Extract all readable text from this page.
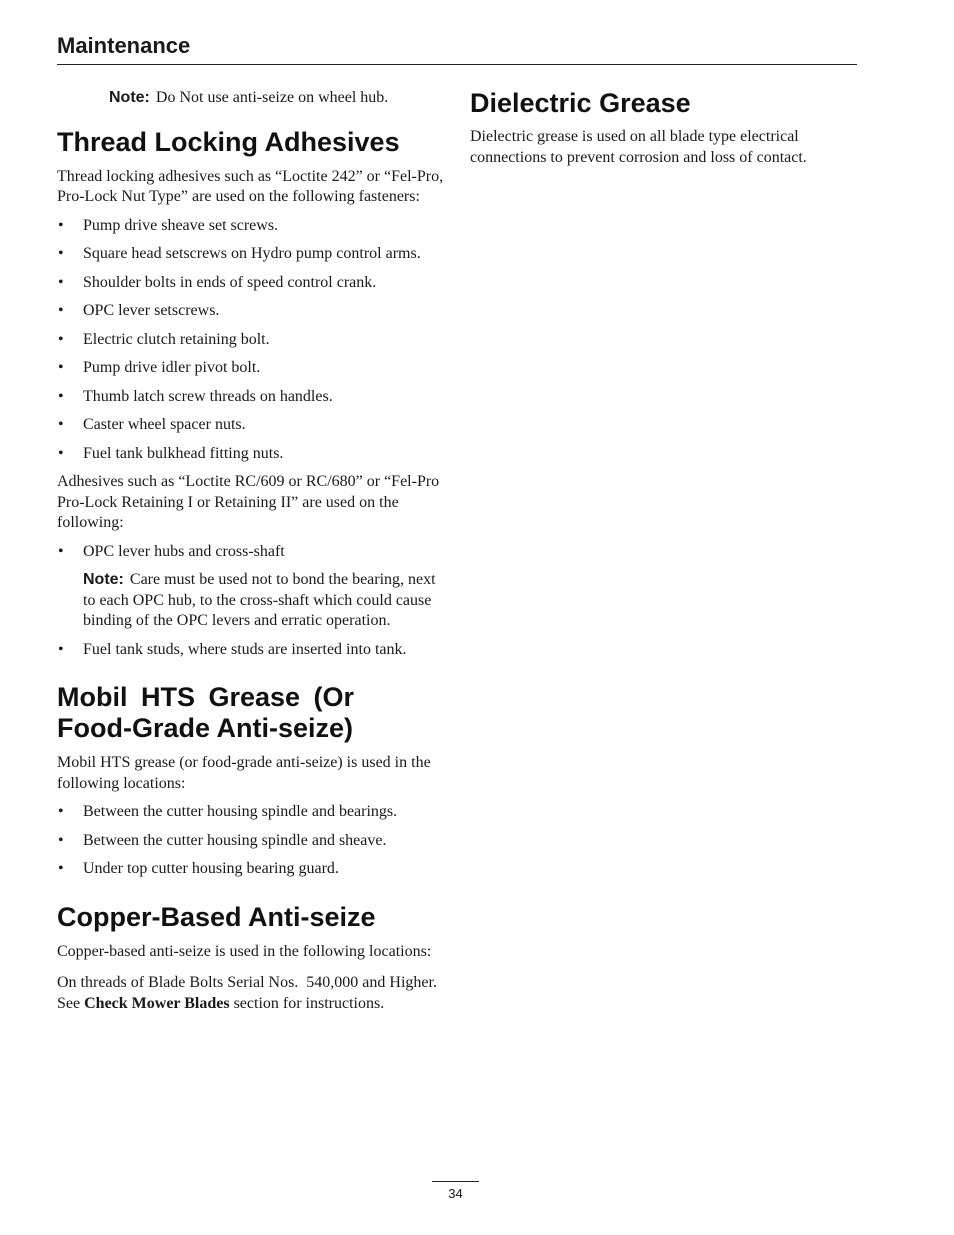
Maintenance
Note: Do Not use anti-seize on wheel hub.
Thread Locking Adhesives

Thread locking adhesives such as “Loctite 242” or “Fel-Pro, Pro-Lock Nut Type” are used on the following fasteners:

• Pump drive sheave set screws.
• Square head setscrews on Hydro pump control arms.
• Shoulder bolts in ends of speed control crank.
• OPC lever setscrews.
• Electric clutch retaining bolt.
• Pump drive idler pivot bolt.
• Thumb latch screw threads on handles.
• Caster wheel spacer nuts.
• Fuel tank bulkhead fitting nuts.

Adhesives such as “Loctite RC/609 or RC/680” or “Fel-Pro Pro-Lock Retaining I or Retaining II” are used on the following:

• OPC lever hubs and cross-shaft
Note: Care must be used not to bond the bearing, next to each OPC hub, to the cross-shaft which could cause binding of the OPC levers and erratic operation.
• Fuel tank studs, where studs are inserted into tank.
Mobil HTS Grease (Or
Food-Grade Anti-seize)

Mobil HTS grease (or food-grade anti-seize) is used in the following locations:

• Between the cutter housing spindle and bearings.
• Between the cutter housing spindle and sheave.
• Under top cutter housing bearing guard.
Copper-Based Anti-seize

Copper-based anti-seize is used in the following locations:

On threads of Blade Bolts Serial Nos.  540,000 and Higher.  See Check Mower Blades section for instructions.

Dielectric Grease

Dielectric grease is used on all blade type electrical connections to prevent corrosion and loss of contact.

34
